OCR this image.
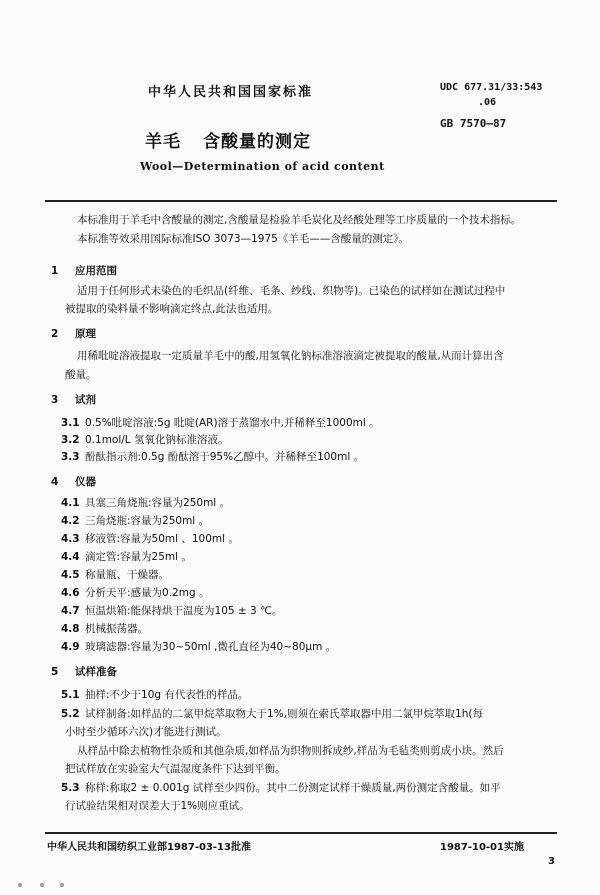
中华人民共和国国家标准	UDC 677.31/33:543
.06
GB 7570—87
羊毛 含酸量的测定
Wool—Determination of acid content
本标准用于羊毛中含酸量的测定,含酸量是检验羊毛炭化及经酸处理等工序质量的一个技术指标。
本标准等效采用国际标准ISO 3073—1975《羊毛——含酸量的测定》。
1 应用范围
适用于任何形式未染色的毛织品(纤维、毛条、纱线、织物等)。已染色的试样如在测试过程中
被提取的染料量不影响滴定终点,此法也适用。
2 原理
用稀吡啶溶液提取一定质量羊毛中的酸,用氢氧化钠标准溶液滴定被提取的酸量,从而计算出含
酸量。
3 试剂
3.1 0.5%吡啶溶液:5g 吡啶(AR)溶于蒸馏水中,并稀释至1000ml 。
3.2 0.1mol/L 氢氧化钠标准溶液。
3.3 酚酞指示剂:0.5g 酚酞溶于95%乙醇中。并稀释至100ml 。
4 仪器
4.1 具塞三角烧瓶:容量为250ml 。
4.2 三角烧瓶:容量为250ml 。
4.3 移液管:容量为50ml 、100ml 。
4.4 滴定管:容量为25ml 。
4.5 称量瓶、干燥器。
4.6 分析天平:感量为0.2mg 。
4.7 恒温烘箱:能保持烘干温度为105 ± 3 ℃。
4.8 机械振荡器。
4.9 玻璃滤器:容量为30~50ml ,微孔直径为40~80μm 。
5 试样准备
5.1 抽样:不少于10g 有代表性的样品。
5.2 试样制备:如样品的二氯甲烷萃取物大于1%,则须在索氏萃取器中用二氯甲烷萃取1h(每
小时至少循环六次)才能进行测试。
从样品中除去植物性杂质和其他杂质,如样品为织物则拆成纱,样品为毛毡类则剪成小块。然后
把试样放在实验室大气温湿度条件下达到平衡。
5.3 称样:称取2 ± 0.001g 试样至少四份。其中二份测定试样干燥质量,两份测定含酸量。如平
行试验结果相对误差大于1%则应重试。
中华人民共和国纺织工业部1987-03-13批准	1987-10-01实施
3
